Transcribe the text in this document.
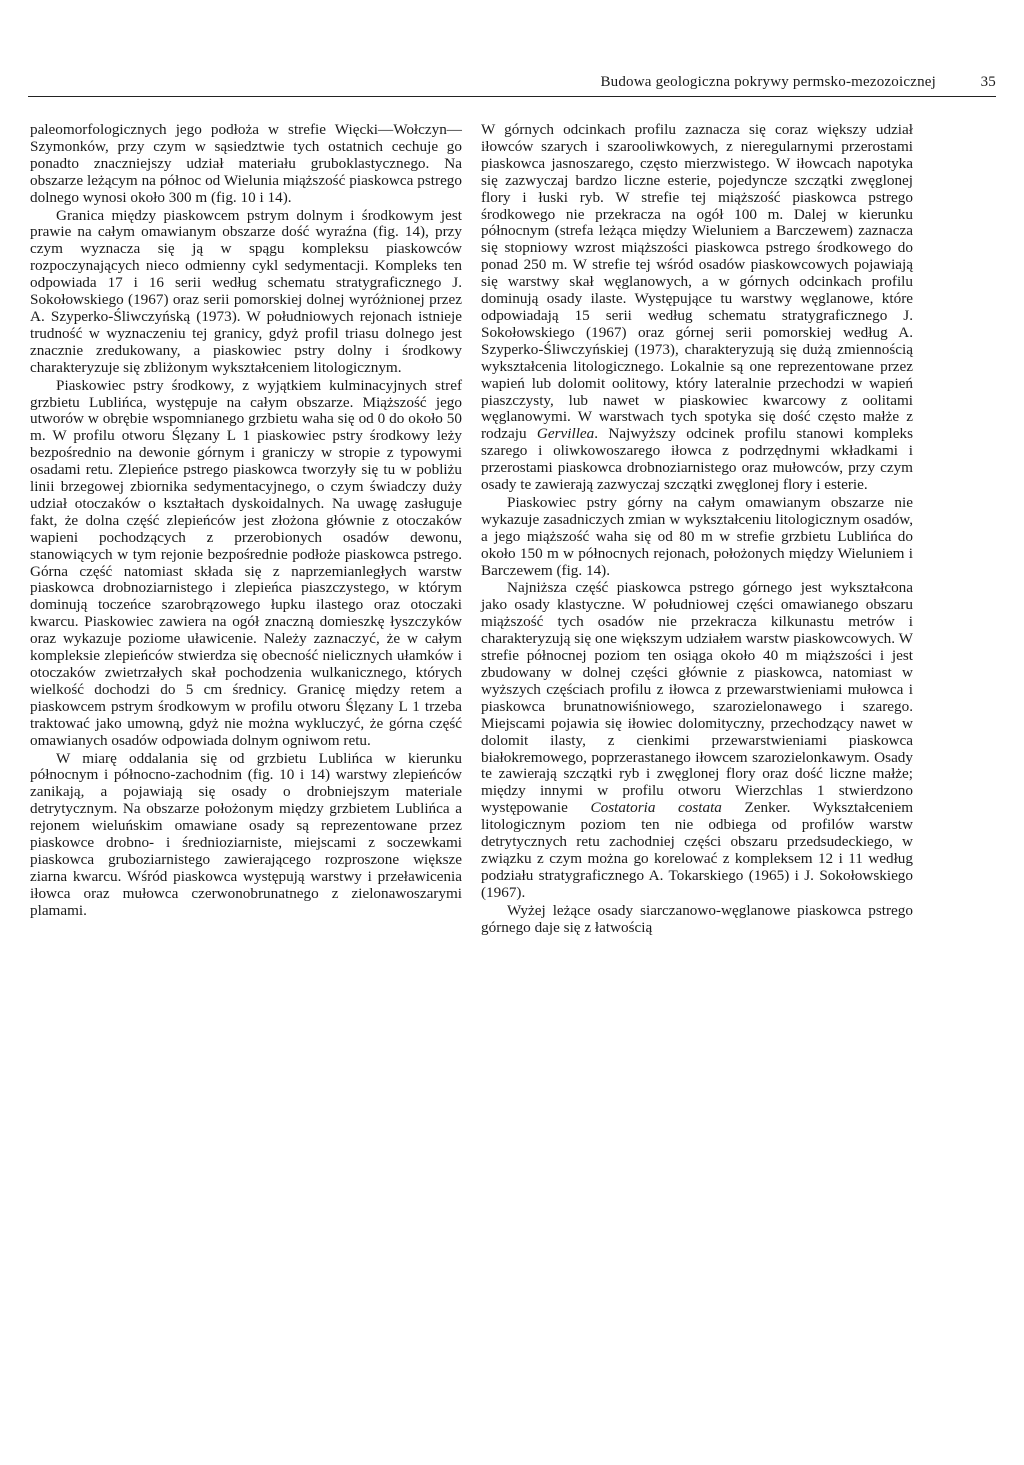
Budowa geologiczna pokrywy permsko-mezozoicznej	35

paleomorfologicznych jego podłoża w strefie Więcki—Wołczyn—Szymonków, przy czym w sąsiedztwie tych ostatnich cechuje go ponadto znaczniejszy udział materiału gruboklastycznego. Na obszarze leżącym na północ od Wielunia miąższość piaskowca pstrego dolnego wynosi około 300 m (fig. 10 i 14).

Granica między piaskowcem pstrym dolnym i środkowym jest prawie na całym omawianym obszarze dość wyraźna (fig. 14), przy czym wyznacza się ją w spągu kompleksu piaskowców rozpoczynających nieco odmienny cykl sedymentacji. Kompleks ten odpowiada 17 i 16 serii według schematu stratygraficznego J. Sokołowskiego (1967) oraz serii pomorskiej dolnej wyróżnionej przez A. Szyperko-Śliwczyńską (1973). W południowych rejonach istnieje trudność w wyznaczeniu tej granicy, gdyż profil triasu dolnego jest znacznie zredukowany, a piaskowiec pstry dolny i środkowy charakteryzuje się zbliżonym wykształceniem litologicznym.

Piaskowiec pstry środkowy, z wyjątkiem kulminacyjnych stref grzbietu Lublińca, występuje na całym obszarze. Miąższość jego utworów w obrębie wspomnianego grzbietu waha się od 0 do około 50 m. W profilu otworu Ślęzany L 1 piaskowiec pstry środkowy leży bezpośrednio na dewonie górnym i graniczy w stropie z typowymi osadami retu. Zlepieńce pstrego piaskowca tworzyły się tu w pobliżu linii brzegowej zbiornika sedymentacyjnego, o czym świadczy duży udział otoczaków o kształtach dyskoidalnych. Na uwagę zasługuje fakt, że dolna część zlepieńców jest złożona głównie z otoczaków wapieni pochodzących z przerobionych osadów dewonu, stanowiących w tym rejonie bezpośrednie podłoże piaskowca pstrego. Górna część natomiast składa się z naprzemianległych warstw piaskowca drobnoziarnistego i zlepieńca piaszczystego, w którym dominują toczeńce szarobrązowego łupku ilastego oraz otoczaki kwarcu. Piaskowiec zawiera na ogół znaczną domieszkę łyszczyków oraz wykazuje poziome uławicenie. Należy zaznaczyć, że w całym kompleksie zlepieńców stwierdza się obecność nielicznych ułamków i otoczaków zwietrzałych skał pochodzenia wulkanicznego, których wielkość dochodzi do 5 cm średnicy. Granicę między retem a piaskowcem pstrym środkowym w profilu otworu Ślęzany L 1 trzeba traktować jako umowną, gdyż nie można wykluczyć, że górna część omawianych osadów odpowiada dolnym ogniwom retu.

W miarę oddalania się od grzbietu Lublińca w kierunku północnym i północno-zachodnim (fig. 10 i 14) warstwy zlepieńców zanikają, a pojawiają się osady o drobniejszym materiale detrytycznym. Na obszarze położonym między grzbietem Lublińca a rejonem wieluńskim omawiane osady są reprezentowane przez piaskowce drobno- i średnioziarniste, miejscami z soczewkami piaskowca gruboziarnistego zawierającego rozproszone większe ziarna kwarcu. Wśród piaskowca występują warstwy i przeławicenia iłowca oraz mułowca czerwonobrunatnego z zielonawoszarymi plamami.

W górnych odcinkach profilu zaznacza się coraz większy udział iłowców szarych i szarooliwkowych, z nieregularnymi przerostami piaskowca jasnoszarego, często mierzwistego. W iłowcach napotyka się zazwyczaj bardzo liczne esterie, pojedyncze szczątki zwęglonej flory i łuski ryb. W strefie tej miąższość piaskowca pstrego środkowego nie przekracza na ogół 100 m. Dalej w kierunku północnym (strefa leżąca między Wieluniem a Barczewem) zaznacza się stopniowy wzrost miąższości piaskowca pstrego środkowego do ponad 250 m. W strefie tej wśród osadów piaskowcowych pojawiają się warstwy skał węglanowych, a w górnych odcinkach profilu dominują osady ilaste. Występujące tu warstwy węglanowe, które odpowiadają 15 serii według schematu stratygraficznego J. Sokołowskiego (1967) oraz górnej serii pomorskiej według A. Szyperko-Śliwczyńskiej (1973), charakteryzują się dużą zmiennością wykształcenia litologicznego. Lokalnie są one reprezentowane przez wapień lub dolomit oolitowy, który lateralnie przechodzi w wapień piaszczysty, lub nawet w piaskowiec kwarcowy z oolitami węglanowymi. W warstwach tych spotyka się dość często małże z rodzaju Gervillea. Najwyższy odcinek profilu stanowi kompleks szarego i oliwkowoszarego iłowca z podrzędnymi wkładkami i przerostami piaskowca drobnoziarnistego oraz mułowców, przy czym osady te zawierają zazwyczaj szczątki zwęglonej flory i esterie.

Piaskowiec pstry górny na całym omawianym obszarze nie wykazuje zasadniczych zmian w wykształceniu litologicznym osadów, a jego miąższość waha się od 80 m w strefie grzbietu Lublińca do około 150 m w północnych rejonach, położonych między Wieluniem i Barczewem (fig. 14).

Najniższa część piaskowca pstrego górnego jest wykształcona jako osady klastyczne. W południowej części omawianego obszaru miąższość tych osadów nie przekracza kilkunastu metrów i charakteryzują się one większym udziałem warstw piaskowcowych. W strefie północnej poziom ten osiąga około 40 m miąższości i jest zbudowany w dolnej części głównie z piaskowca, natomiast w wyższych częściach profilu z iłowca z przewarstwieniami mułowca i piaskowca brunatnowiśniowego, szarozielonawego i szarego. Miejscami pojawia się iłowiec dolomityczny, przechodzący nawet w dolomit ilasty, z cienkimi przewarstwieniami piaskowca białokremowego, poprzerastanego iłowcem szarozielonkawym. Osady te zawierają szczątki ryb i zwęglonej flory oraz dość liczne małże; między innymi w profilu otworu Wierzchlas 1 stwierdzono występowanie Costatoria costata Zenker. Wykształceniem litologicznym poziom ten nie odbiega od profilów warstw detrytycznych retu zachodniej części obszaru przedsudeckiego, w związku z czym można go korelować z kompleksem 12 i 11 według podziału stratygraficznego A. Tokarskiego (1965) i J. Sokołowskiego (1967).

Wyżej leżące osady siarczanowo-węglanowe piaskowca pstrego górnego daje się z łatwością
